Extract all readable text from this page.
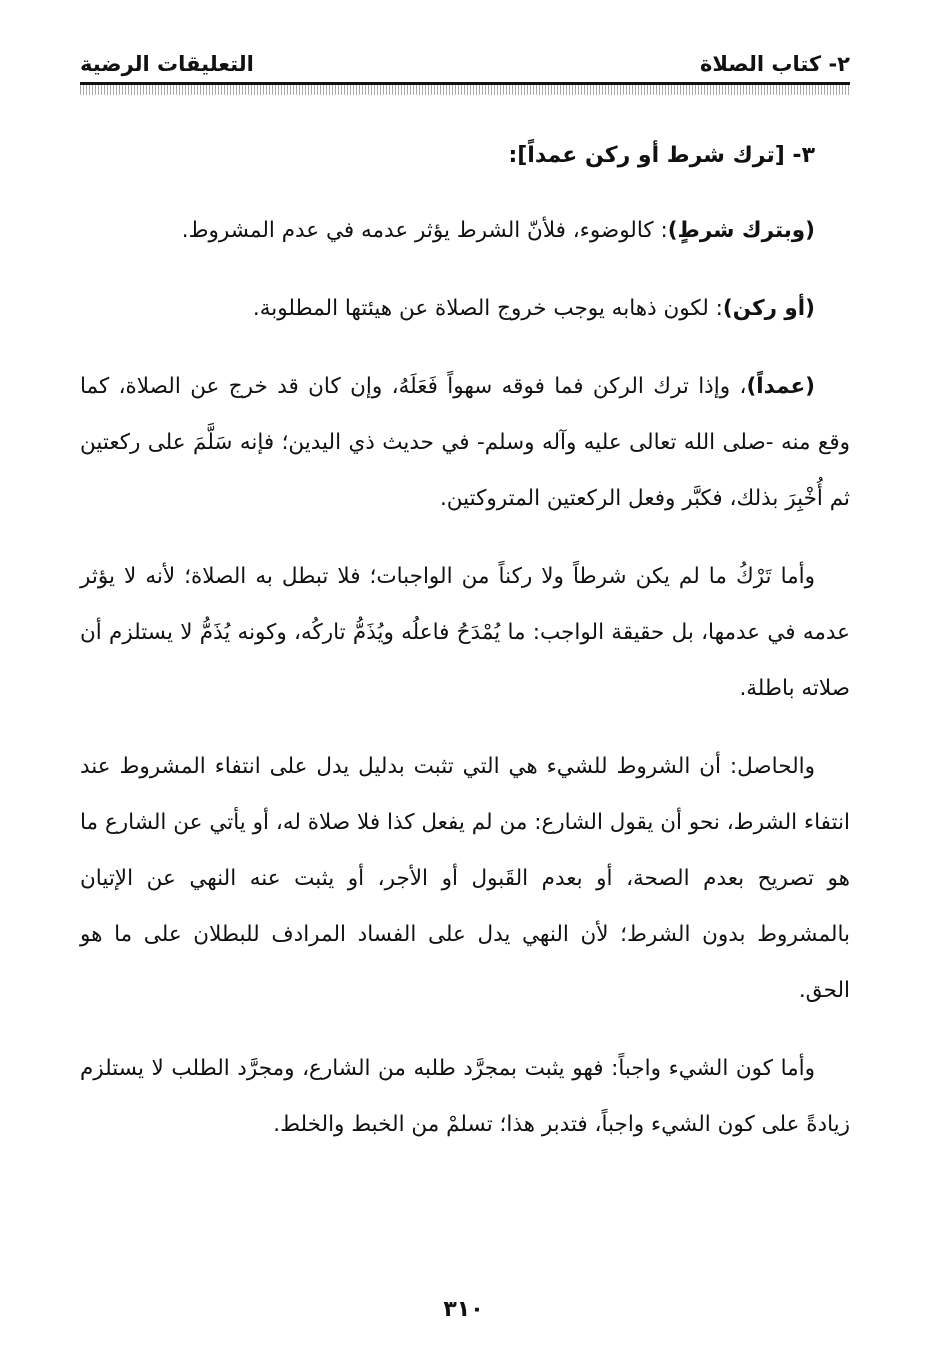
٢- كتاب الصلاة
التعليقات الرضية
٣- [ترك شرط أو ركن عمداً]:

(وبترك شرطٍ): كالوضوء، فلأنّ الشرط يؤثر عدمه في عدم المشروط.

(أو ركن): لكون ذهابه يوجب خروج الصلاة عن هيئتها المطلوبة.

(عمداً)، وإذا ترك الركن فما فوقه سهواً فَعَلَهُ، وإن كان قد خرج عن الصلاة، كما وقع منه -صلى الله تعالى عليه وآله وسلم- في حديث ذي اليدين؛ فإنه سَلَّمَ على ركعتين ثم أُخْبِرَ بذلك، فكبَّر وفعل الركعتين المتروكتين.

وأما تَرْكُ ما لم يكن شرطاً ولا ركناً من الواجبات؛ فلا تبطل به الصلاة؛ لأنه لا يؤثر عدمه في عدمها، بل حقيقة الواجب: ما يُمْدَحُ فاعلُه ويُذَمُّ تاركُه، وكونه يُذَمُّ لا يستلزم أن صلاته باطلة.

والحاصل: أن الشروط للشيء هي التي تثبت بدليل يدل على انتفاء المشروط عند انتفاء الشرط، نحو أن يقول الشارع: من لم يفعل كذا فلا صلاة له، أو يأتي عن الشارع ما هو تصريح بعدم الصحة، أو بعدم القَبول أو الأجر، أو يثبت عنه النهي عن الإتيان بالمشروط بدون الشرط؛ لأن النهي يدل على الفساد المرادف للبطلان على ما هو الحق.

وأما كون الشيء واجباً: فهو يثبت بمجرَّد طلبه من الشارع، ومجرَّد الطلب لا يستلزم زيادةً على كون الشيء واجباً، فتدبر هذا؛ تسلمْ من الخبط والخلط.

٣١٠
